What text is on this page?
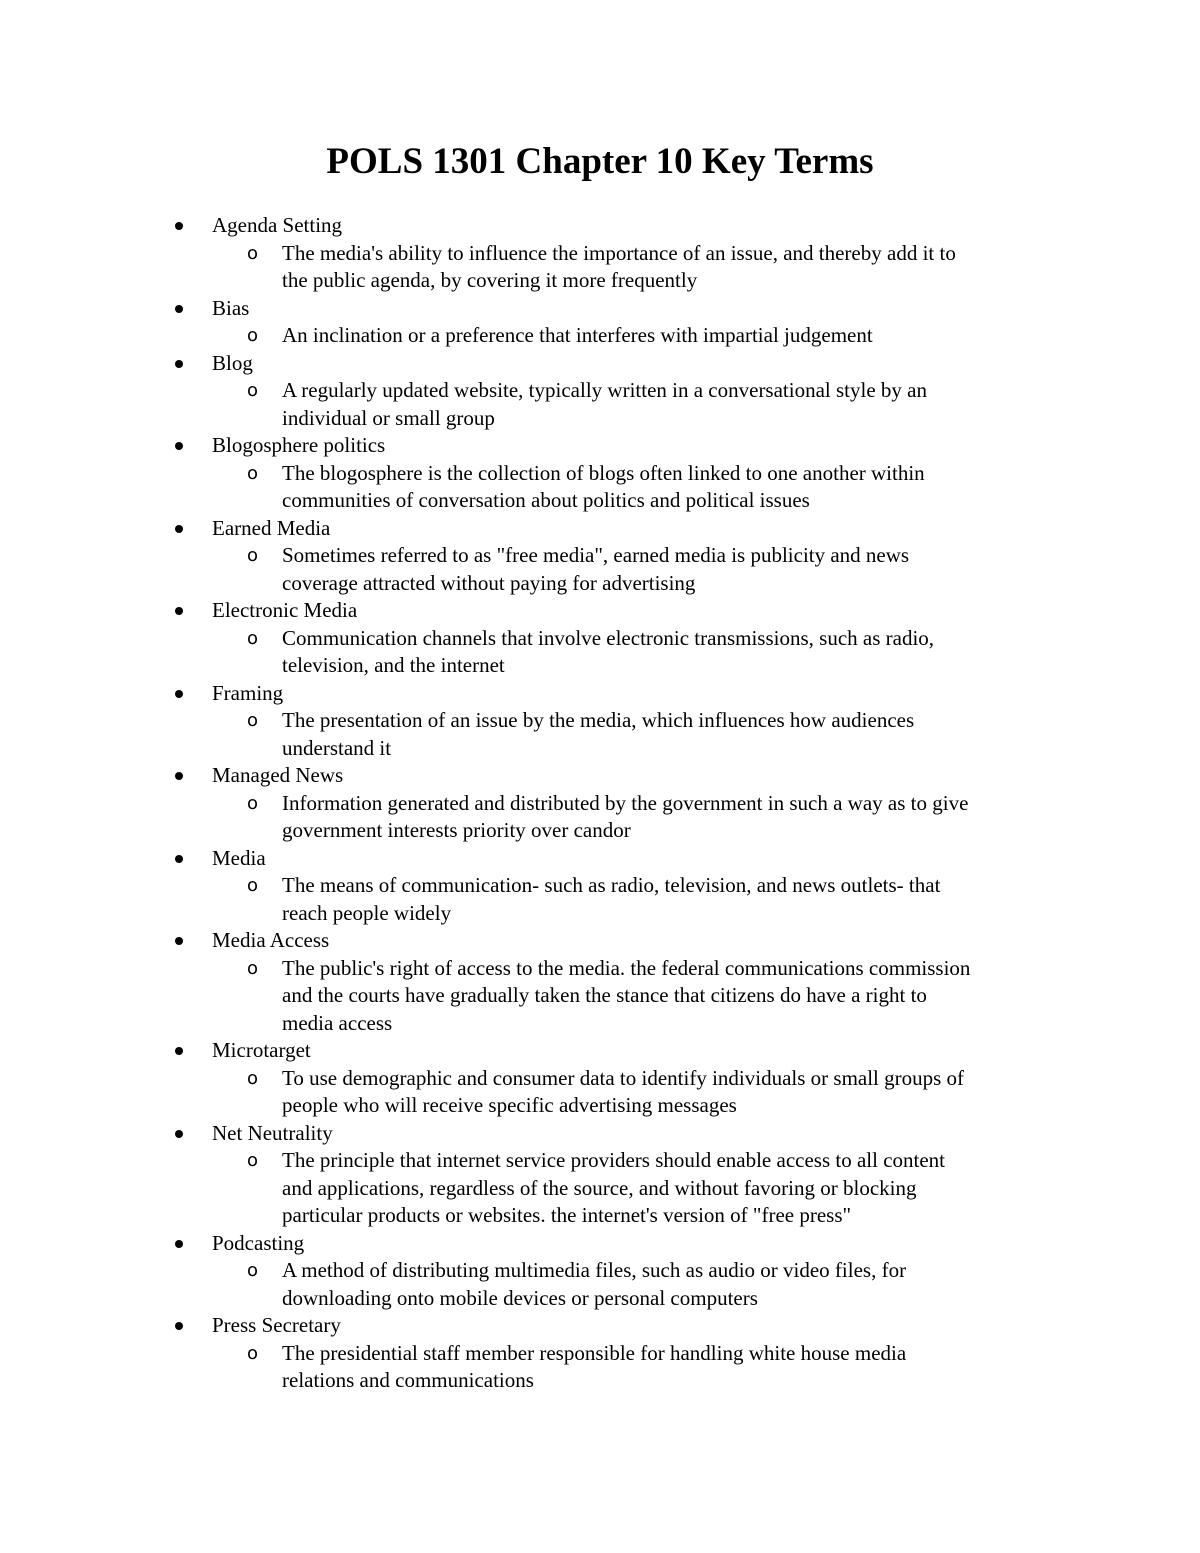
POLS 1301 Chapter 10 Key Terms
Agenda Setting
o The media's ability to influence the importance of an issue, and thereby add it to
the public agenda, by covering it more frequently
Bias
o An inclination or a preference that interferes with impartial judgement
Blog
o A regularly updated website, typically written in a conversational style by an
individual or small group
Blogosphere politics
o The blogosphere is the collection of blogs often linked to one another within
communities of conversation about politics and political issues
Earned Media
o Sometimes referred to as "free media", earned media is publicity and news
coverage attracted without paying for advertising
Electronic Media
o Communication channels that involve electronic transmissions, such as radio,
television, and the internet
Framing
o The presentation of an issue by the media, which influences how audiences
understand it
Managed News
o Information generated and distributed by the government in such a way as to give
government interests priority over candor
Media
o The means of communication- such as radio, television, and news outlets- that
reach people widely
Media Access
o The public's right of access to the media. the federal communications commission
and the courts have gradually taken the stance that citizens do have a right to
media access
Microtarget
o To use demographic and consumer data to identify individuals or small groups of
people who will receive specific advertising messages
Net Neutrality
o The principle that internet service providers should enable access to all content
and applications, regardless of the source, and without favoring or blocking
particular products or websites. the internet's version of "free press"
Podcasting
o A method of distributing multimedia files, such as audio or video files, for
downloading onto mobile devices or personal computers
Press Secretary
o The presidential staff member responsible for handling white house media
relations and communications
